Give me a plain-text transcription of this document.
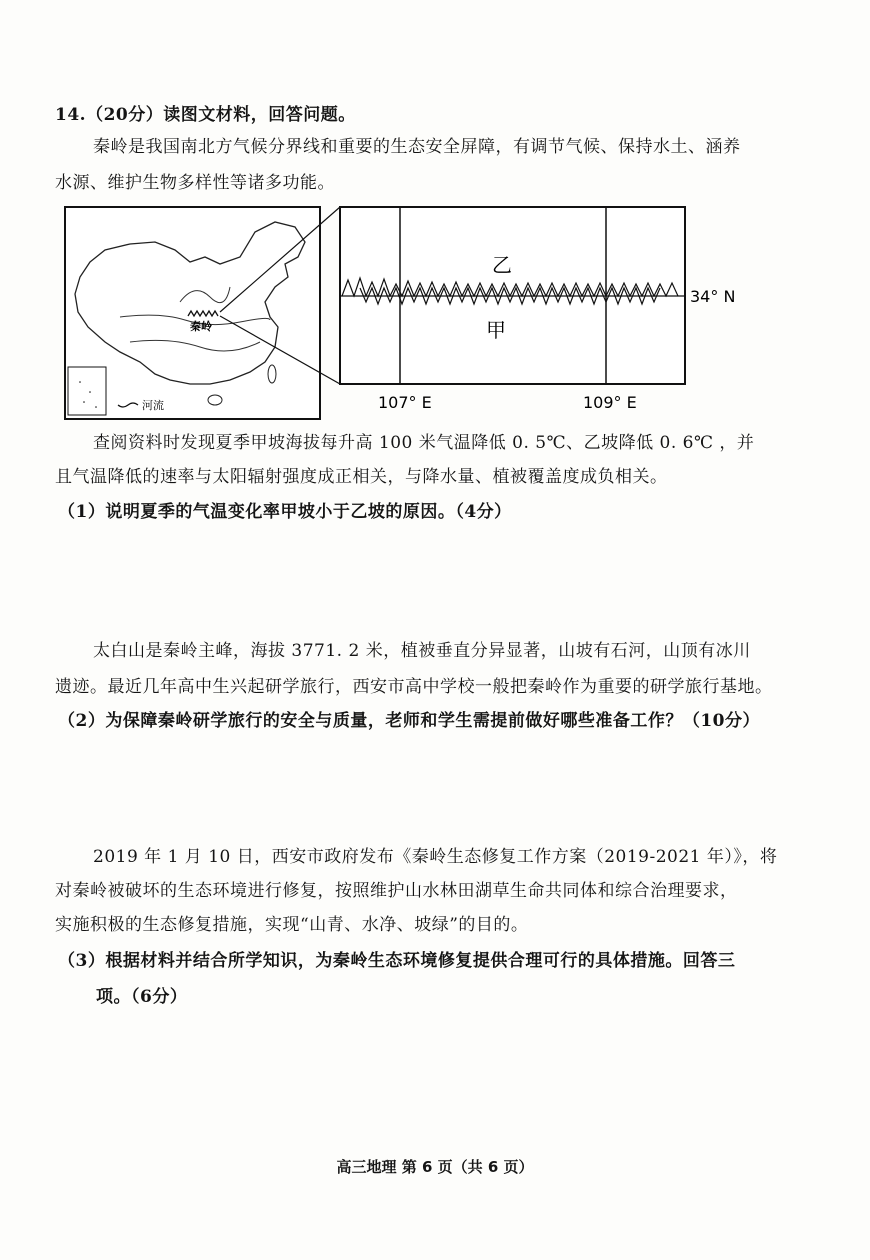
14.（20分）读图文材料，回答问题。
秦岭是我国南北方气候分界线和重要的生态安全屏障，有调节气候、保持水土、涵养
水源、维护生物多样性等诸多功能。
秦岭
河流
乙
甲
34° N
107° E	109° E
查阅资料时发现夏季甲坡海拔每升高 100 米气温降低 0. 5℃、乙坡降低 0. 6℃ ，并
且气温降低的速率与太阳辐射强度成正相关，与降水量、植被覆盖度成负相关。
（1）说明夏季的气温变化率甲坡小于乙坡的原因。（4分）
太白山是秦岭主峰，海拔 3771. 2 米，植被垂直分异显著，山坡有石河，山顶有冰川
遗迹。最近几年高中生兴起研学旅行，西安市高中学校一般把秦岭作为重要的研学旅行基地。
（2）为保障秦岭研学旅行的安全与质量，老师和学生需提前做好哪些准备工作？（10分）
2019 年 1 月 10 日，西安市政府发布《秦岭生态修复工作方案（2019-2021 年）》，将
对秦岭被破坏的生态环境进行修复，按照维护山水林田湖草生命共同体和综合治理要求，
实施积极的生态修复措施，实现“山青、水净、坡绿”的目的。
（3）根据材料并结合所学知识，为秦岭生态环境修复提供合理可行的具体措施。回答三
项。（6分）
高三地理 第 6 页（共 6 页）
